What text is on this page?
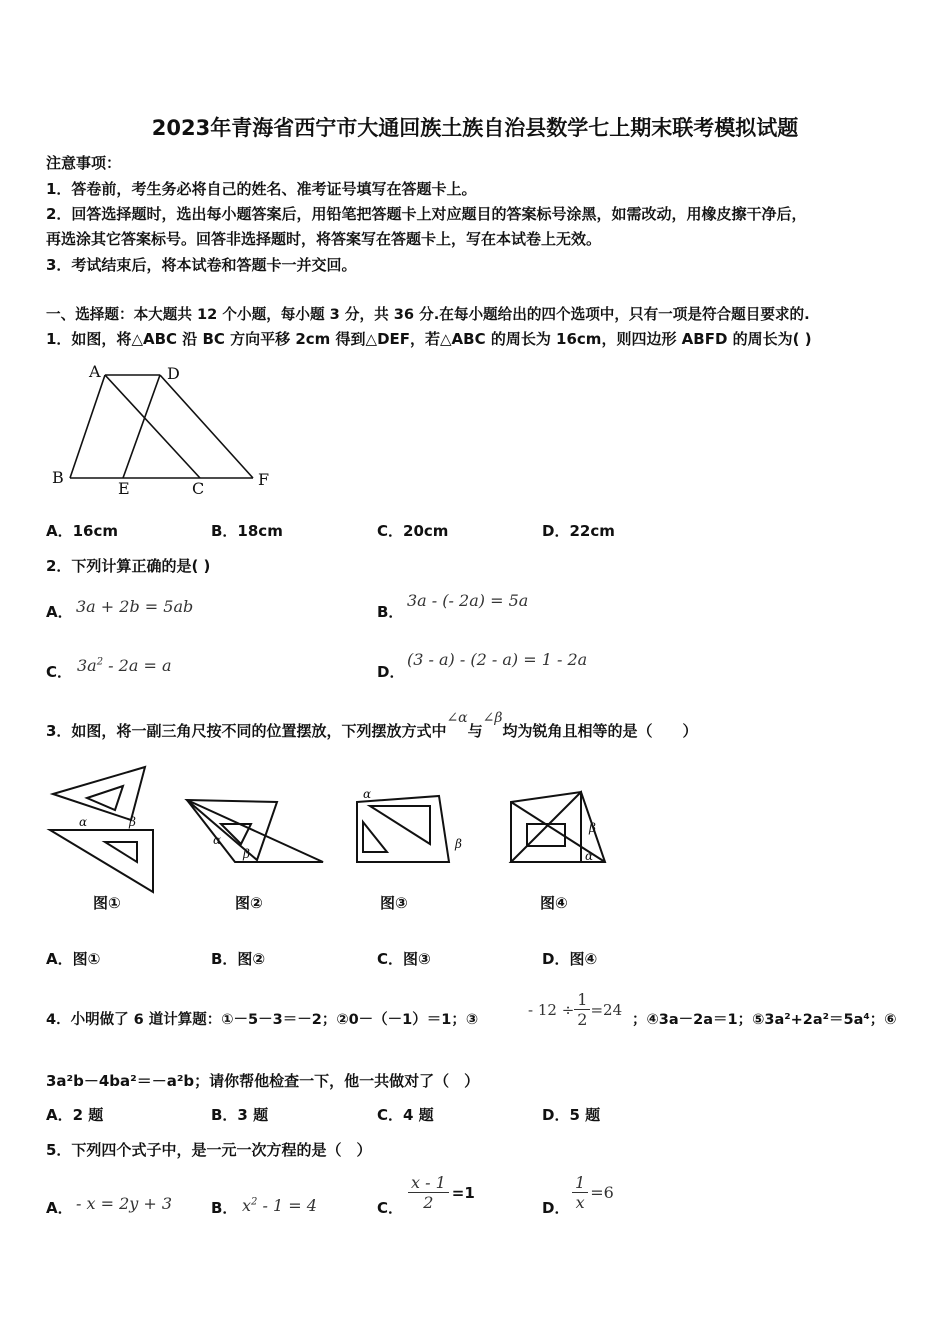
2023年青海省西宁市大通回族土族自治县数学七上期末联考模拟试题
注意事项：
1．答卷前，考生务必将自己的姓名、准考证号填写在答题卡上。
2．回答选择题时，选出每小题答案后，用铅笔把答题卡上对应题目的答案标号涂黑，如需改动，用橡皮擦干净后，
再选涂其它答案标号。回答非选择题时，将答案写在答题卡上，写在本试卷上无效。
3．考试结束后，将本试卷和答题卡一并交回。
一、选择题：本大题共 12 个小题，每小题 3 分，共 36 分.在每小题给出的四个选项中，只有一项是符合题目要求的.
1．如图，将△ABC 沿 BC 方向平移 2cm 得到△DEF，若△ABC 的周长为 16cm，则四边形 ABFD 的周长为( )
A	D
B
E	C	F
A．16cm	B．18cm	C．20cm	D．22cm
2．下列计算正确的是( )
A． 3a + 2b = 5ab	B．
3a - (- 2a) = 5a
C． $3a^2 - 2a = a$	D．
(3 - a) - (2 - a) = 1 - 2a
3．如图，将一副三角尺按不同的位置摆放，下列摆放方式中∠α与∠β均为锐角且相等的是（　　）
α	β
α
β
α
β
β
α
图①	图②	图③	图④
A．图①	B．图②	C．图③	D．图④
4．小明做了 6 道计算题：①－5－3＝－2；②0－（－1）＝1；③
- $12 \div \frac{1}{2} =24$
；④3a－2a＝1；⑤3a²+2a²＝5a⁴；⑥
3a²b－4ba²＝－a²b；请你帮他检查一下，他一共做对了（　）
A．2 题	B．3 题	C．4 题	D．5 题
5．下列四个式子中，是一元一次方程的是（　）
A． - x = 2y + 3	B． $x^2 - 1 = 4$	C． $\frac{x - 1}{2} =1$
D． $\frac{1}{x} =6$
